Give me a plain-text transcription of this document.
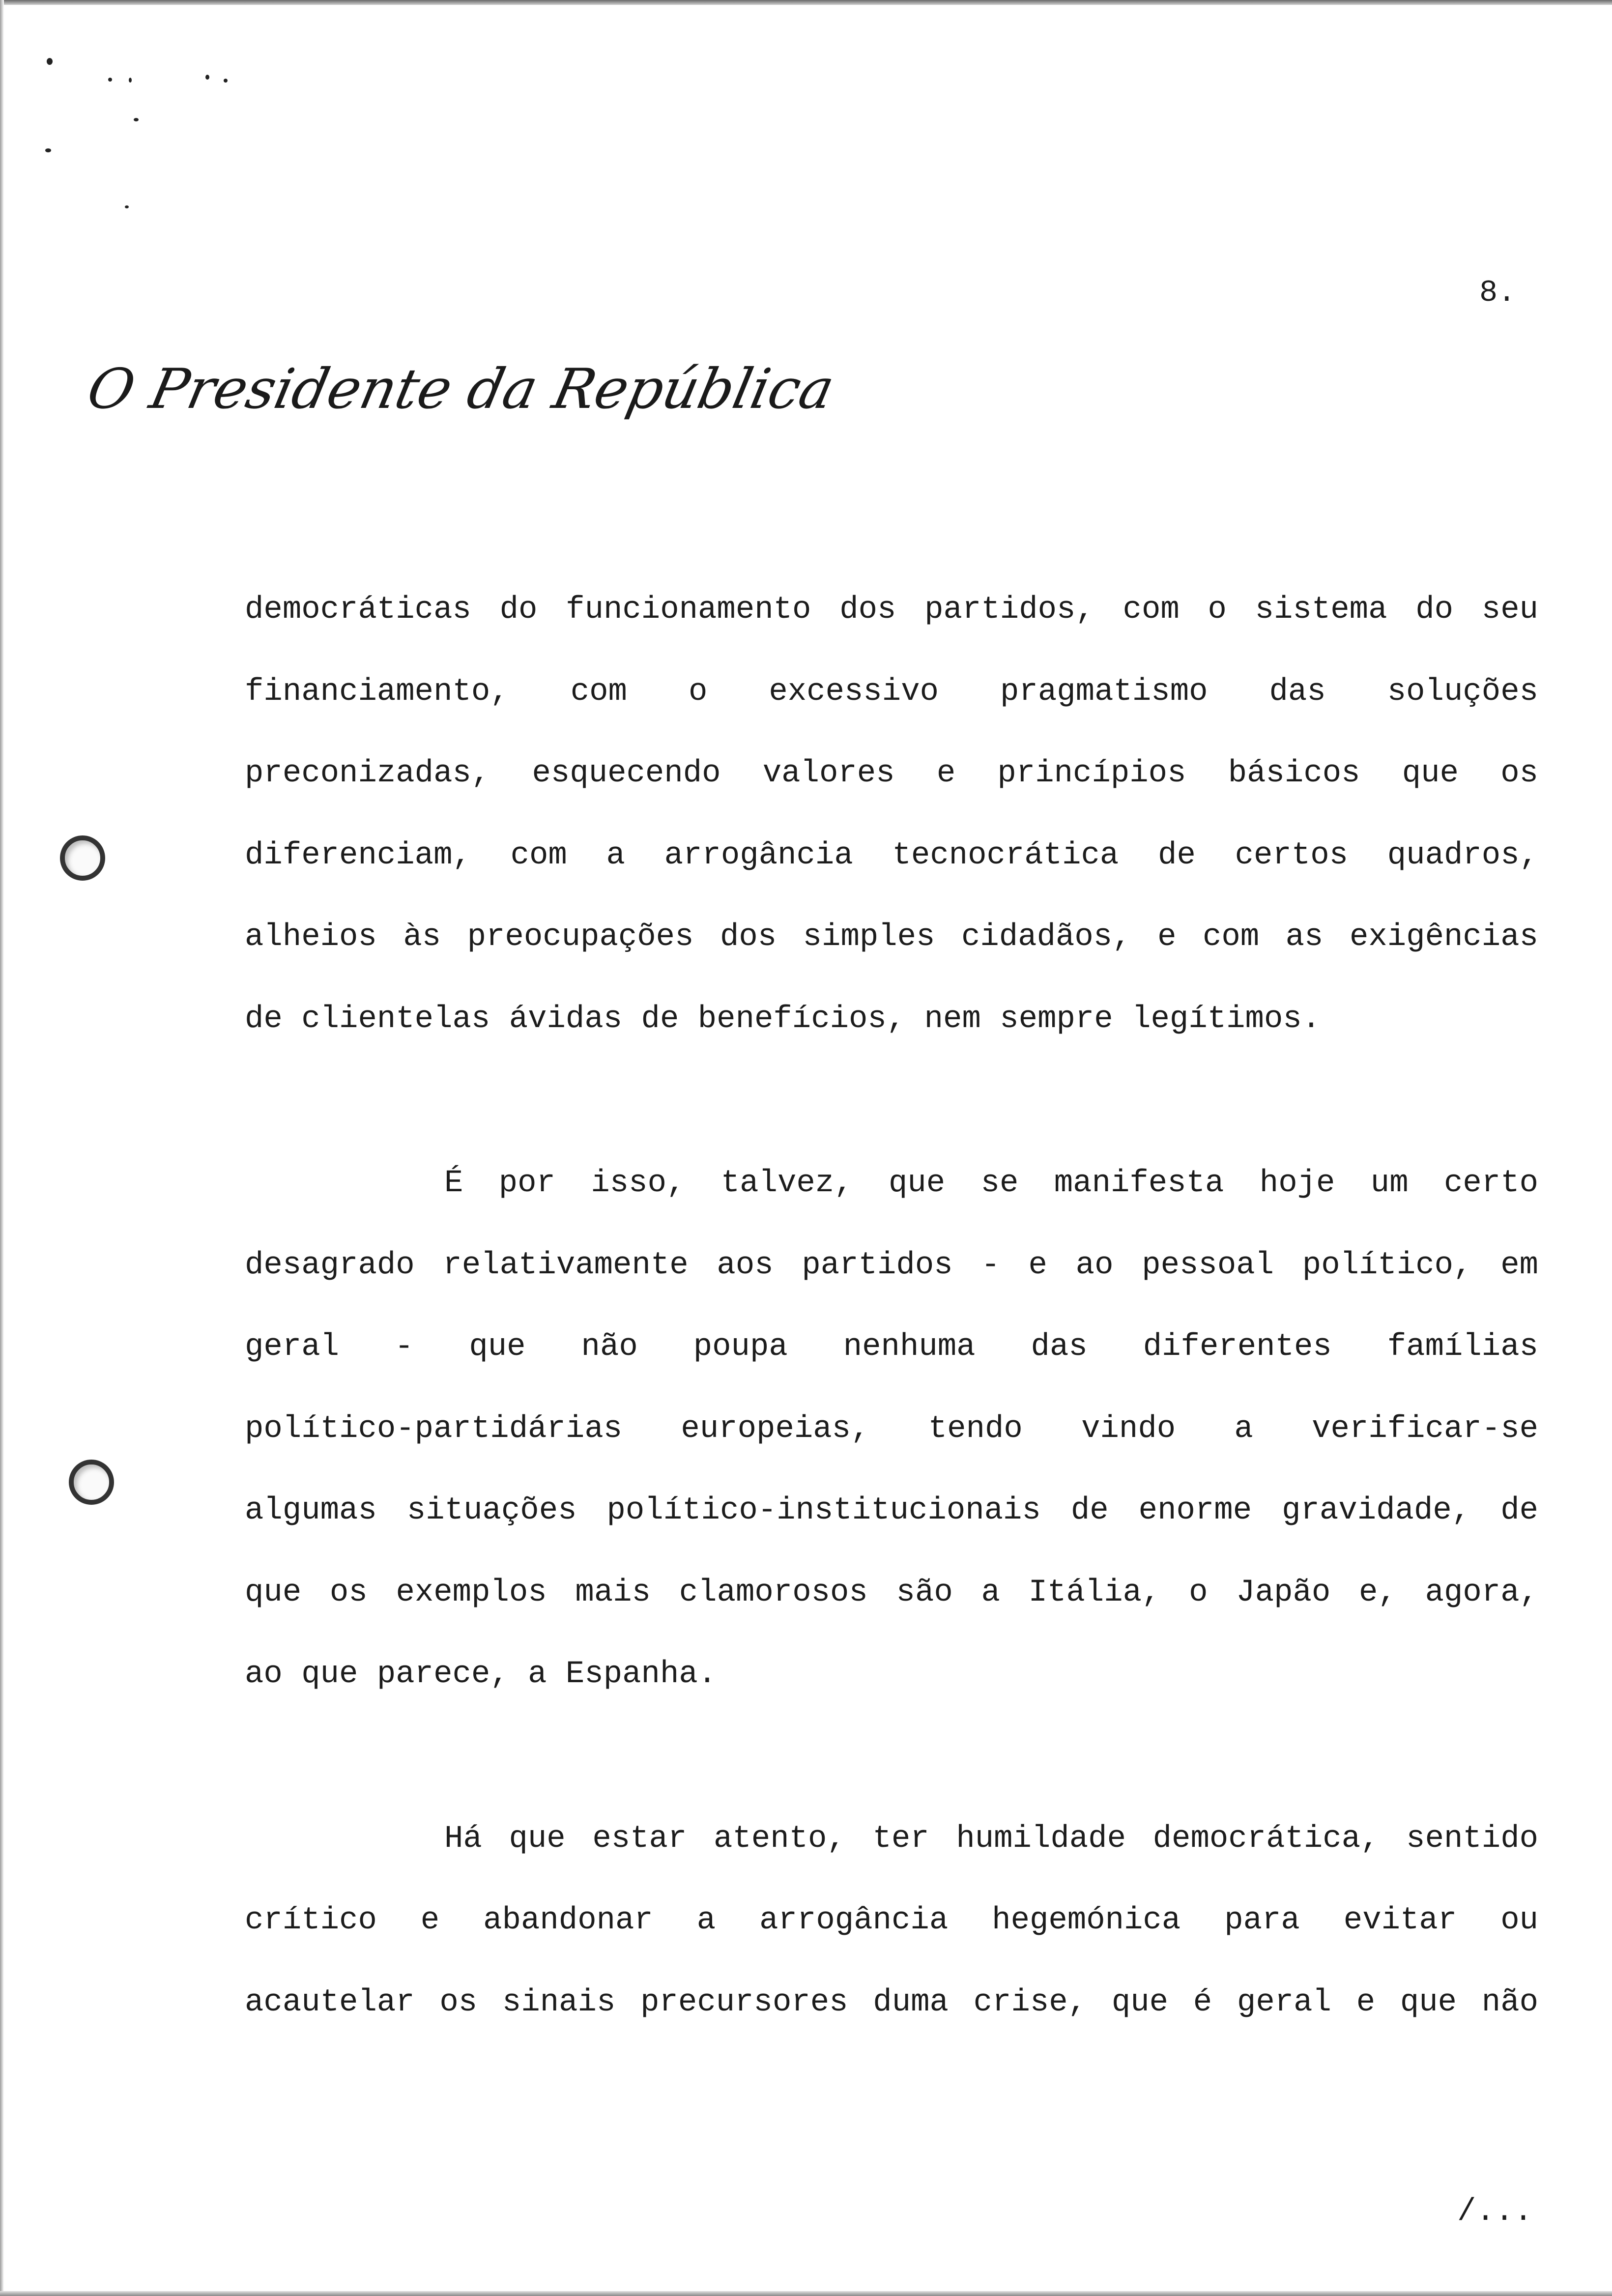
8.
O Presidente da República
democráticas do funcionamento dos partidos, com o sistema do seu
financiamento, com o excessivo pragmatismo das soluções
preconizadas, esquecendo valores e princípios básicos que os
diferenciam, com a arrogância tecnocrática de certos quadros,
alheios às preocupações dos simples cidadãos, e com as exigências
de clientelas ávidas de benefícios, nem sempre legítimos.
É por isso, talvez, que se manifesta hoje um certo
desagrado relativamente aos partidos - e ao pessoal político, em
geral - que não poupa nenhuma das diferentes famílias
político-partidárias europeias, tendo vindo a verificar-se
algumas situações político-institucionais de enorme gravidade, de
que os exemplos mais clamorosos são a Itália, o Japão e, agora,
ao que parece, a Espanha.
Há que estar atento, ter humildade democrática, sentido
crítico e abandonar a arrogância hegemónica para evitar ou
acautelar os sinais precursores duma crise, que é geral e que não
/...
